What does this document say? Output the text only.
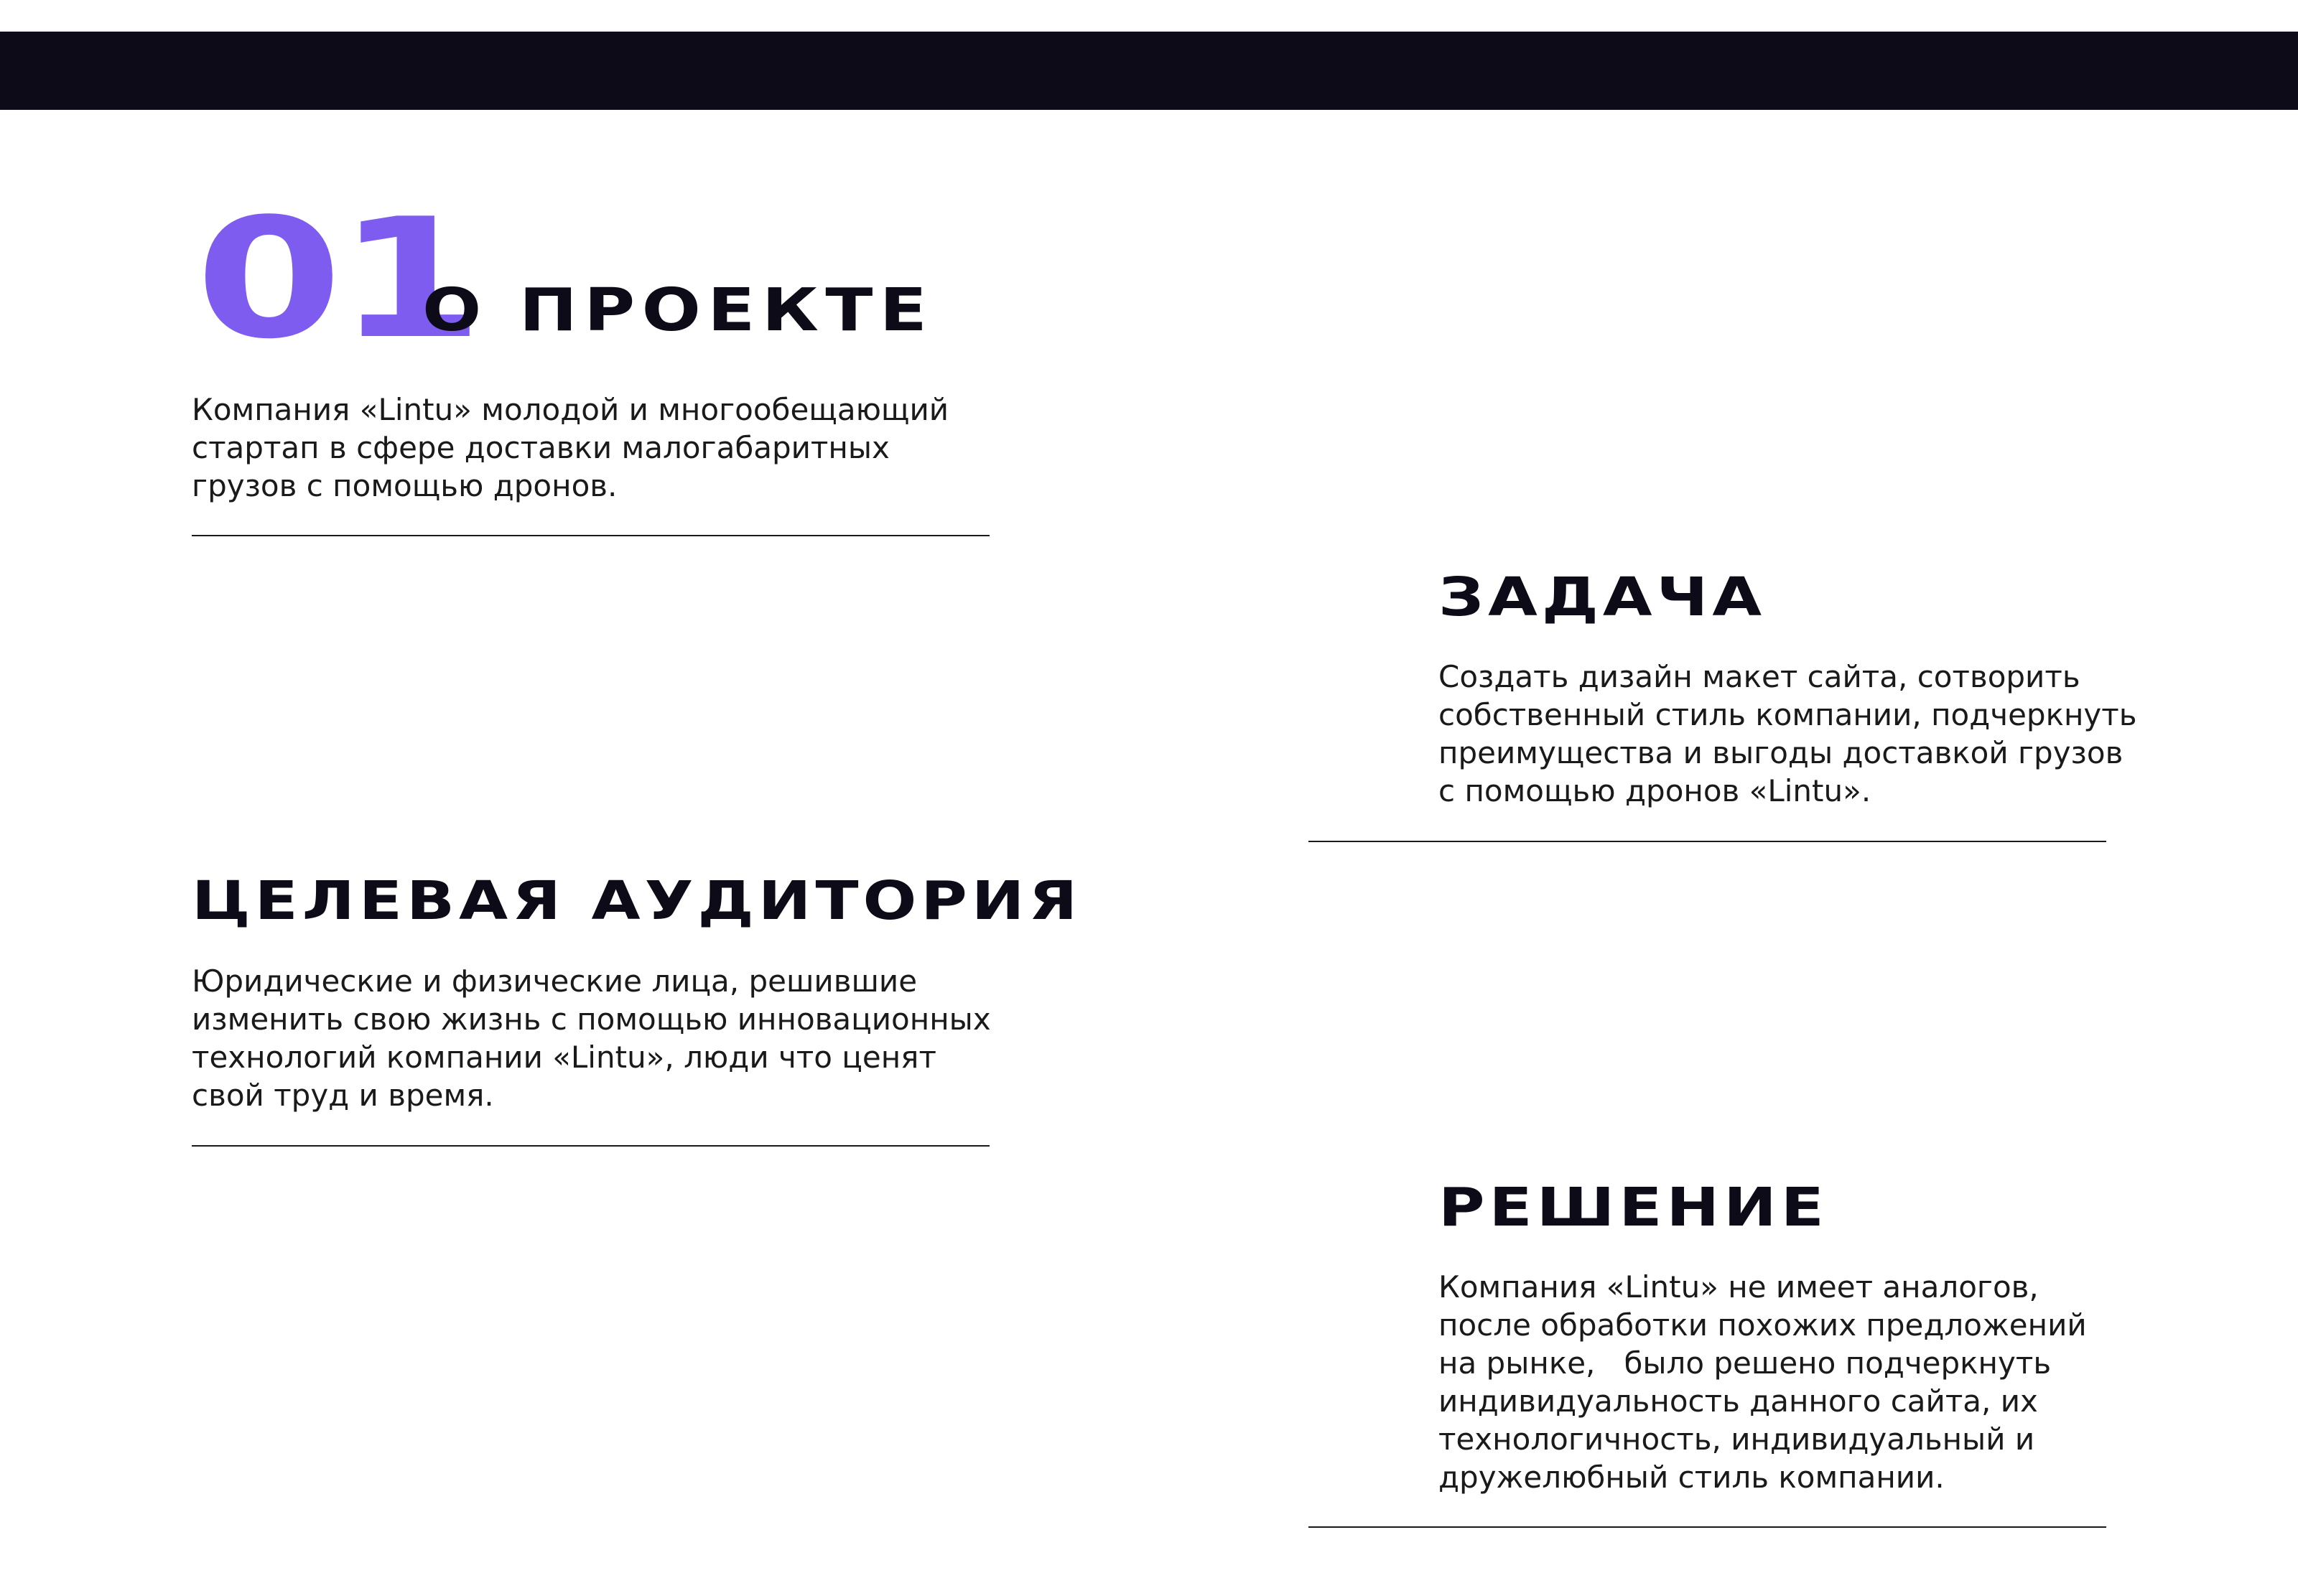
01
О ПРОЕКТЕ
Компания «Lintu» молодой и многообещающий
стартап в сфере доставки малогабаритных
грузов с помощью дронов.
ЗАДАЧА
Создать дизайн макет сайта, сотворить
собственный стиль компании, подчеркнуть
преимущества и выгоды доставкой грузов
с помощью дронов «Lintu».
ЦЕЛЕВАЯ АУДИТОРИЯ
Юридические и физические лица, решившие
изменить свою жизнь с помощью инновационных
технологий компании «Lintu», люди что ценят
свой труд и время.
РЕШЕНИЕ
Компания «Lintu» не имеет аналогов,
после обработки похожих предложений
на рынке,   было решено подчеркнуть
индивидуальность данного сайта, их
технологичность, индивидуальный и
дружелюбный стиль компании.
